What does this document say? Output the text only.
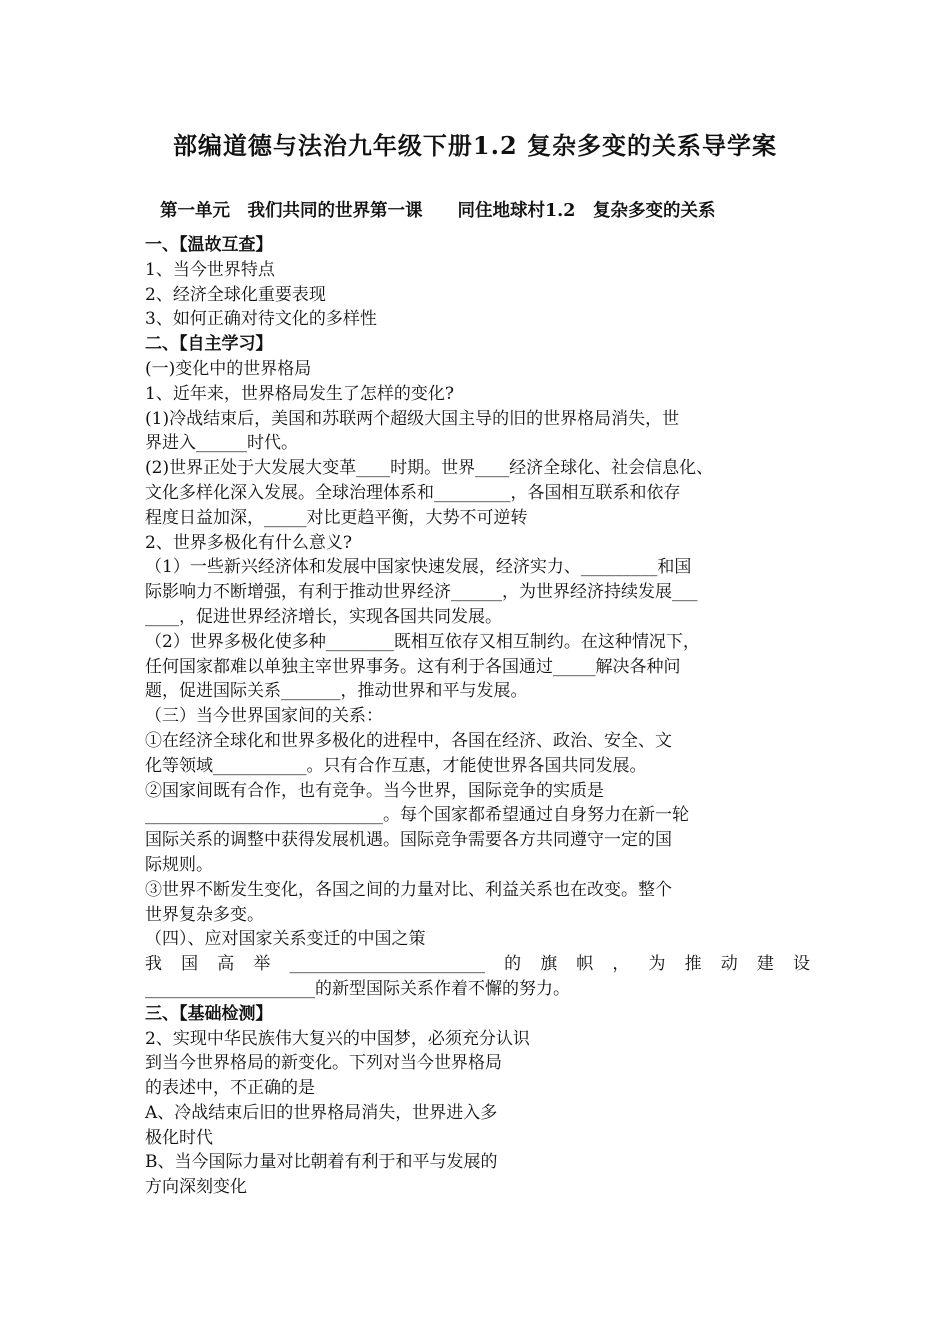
部编道德与法治九年级下册1.2 复杂多变的关系导学案
第一单元　我们共同的世界第一课　　同住地球村1.2　复杂多变的关系

一、【温故互查】

1、当今世界特点

2、经济全球化重要表现

3、如何正确对待文化的多样性

二、【自主学习】

(一)变化中的世界格局

1、近年来，世界格局发生了怎样的变化?

(1)冷战结束后，美国和苏联两个超级大国主导的旧的世界格局消失，世

界进入______时代。

(2)世界正处于大发展大变革____时期。世界____经济全球化、社会信息化、

文化多样化深入发展。全球治理体系和_________，各国相互联系和依存

程度日益加深，_____对比更趋平衡，大势不可逆转

2、世界多极化有什么意义?

（1）一些新兴经济体和发展中国家快速发展，经济实力、_________和国

际影响力不断增强，有利于推动世界经济______，为世界经济持续发展___

____，促进世界经济增长，实现各国共同发展。

（2）世界多极化使多种________既相互依存又相互制约。在这种情况下，

任何国家都难以单独主宰世界事务。这有利于各国通过_____解决各种问

题，促进国际关系_______，推动世界和平与发展。

（三）当今世界国家间的关系：

①在经济全球化和世界多极化的进程中，各国在经济、政治、安全、文

化等领域___________。只有合作互惠，才能使世界各国共同发展。

②国家间既有合作，也有竞争。当今世界，国际竞争的实质是

____________________________。每个国家都希望通过自身努力在新一轮

国际关系的调整中获得发展机遇。国际竞争需要各方共同遵守一定的国

际规则。

③世界不断发生变化，各国之间的力量对比、利益关系也在改变。整个

世界复杂多变。

（四）、应对国家关系变迁的中国之策

我国高举_______________________的旗帜，为推动建设

____________________的新型国际关系作着不懈的努力。

三、【基础检测】

2、实现中华民族伟大复兴的中国梦，必须充分认识

到当今世界格局的新变化。下列对当今世界格局

的表述中，不正确的是

A、冷战结束后旧的世界格局消失，世界进入多

极化时代

B、当今国际力量对比朝着有利于和平与发展的

方向深刻变化
